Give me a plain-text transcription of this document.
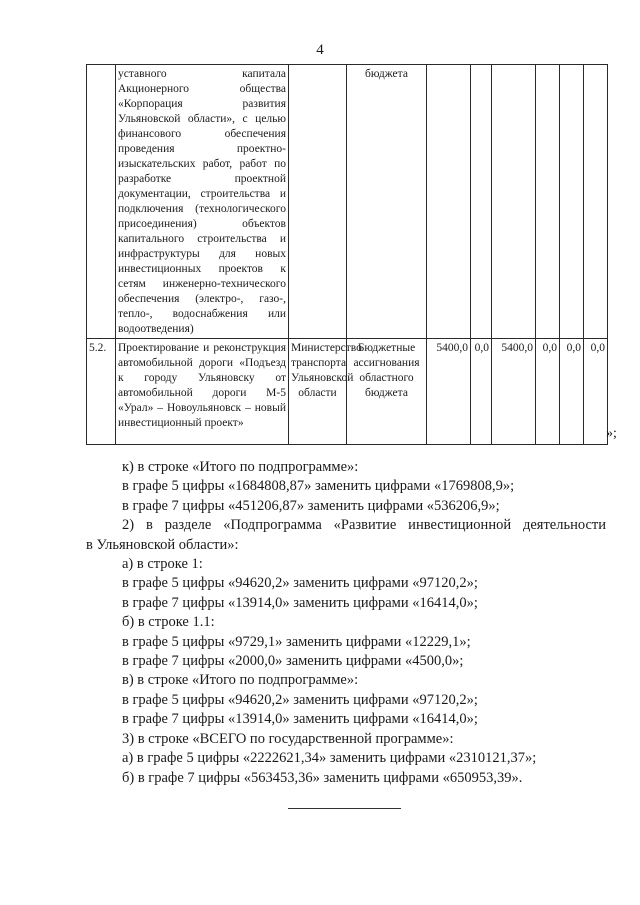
4
	уставного капитала Акционерного общества «Корпорация развития Ульяновской области», с целью финансового обеспечения проведения проектно-изыскательских работ, работ по разработке проектной документации, строительства и подключения (технологического присоединения) объектов капитального строительства и инфраструктуры для новых инвестиционных проектов к сетям инженерно-технического обеспечения (электро-, газо-, тепло-, водоснабжения или водоотведения)		бюджета						
5.2.	Проектирование и реконструкция автомобильной дороги «Подъезд к городу Ульяновску от автомобильной дороги М-5 «Урал» – Новоульяновск – новый инвестиционный проект»	Министерство транспорта Ульяновской области	Бюджетные ассигнования областного бюджета	5400,0	0,0	5400,0	0,0	0,0	0,0
»;
к) в строке «Итого по подпрограмме»:
в графе 5 цифры «1684808,87» заменить цифрами «1769808,9»;
в графе 7 цифры «451206,87» заменить цифрами «536206,9»;
2) в разделе «Подпрограмма «Развитие инвестиционной деятельности
в Ульяновской области»:
а) в строке 1:
в графе 5 цифры «94620,2» заменить цифрами «97120,2»;
в графе 7 цифры «13914,0» заменить цифрами «16414,0»;
б) в строке 1.1:
в графе 5 цифры «9729,1» заменить цифрами «12229,1»;
в графе 7 цифры «2000,0» заменить цифрами «4500,0»;
в) в строке «Итого по подпрограмме»:
в графе 5 цифры «94620,2» заменить цифрами «97120,2»;
в графе 7 цифры «13914,0» заменить цифрами «16414,0»;
3) в строке «ВСЕГО по государственной программе»:
а) в графе 5 цифры «2222621,34» заменить цифрами «2310121,37»;
б) в графе 7 цифры «563453,36» заменить цифрами «650953,39».
